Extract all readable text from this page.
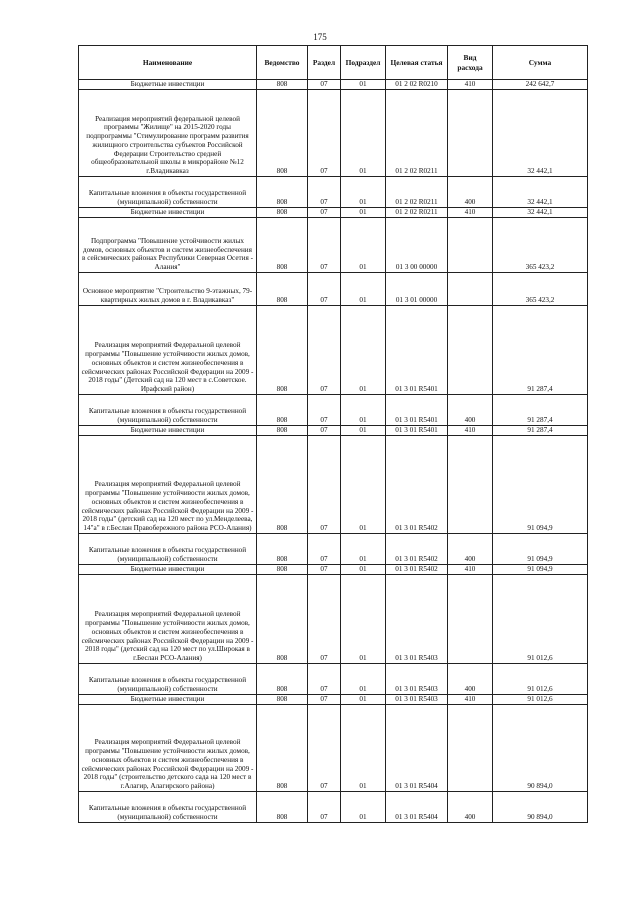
175
Наименование	Ведомство	Раздел	Подраздел	Целевая статья	Вид расхода	Сумма

Бюджетные инвестиции	808	07	01	01 2 02 R0210	410	242 642,7

Реализация мероприятий федеральной целевой программы "Жилище" на 2015-2020 годы подпрограммы "Стимулирование программ развития жилищного строительства субъектов Российской Федерации Строительство средней общеобразовательной школы в микрорайоне №12 г.Владикавказ	808	07	01	01 2 02 R0211		32 442,1

Капитальные вложения в объекты государственной (муниципальной) собственности	808	07	01	01 2 02 R0211	400	32 442,1

Бюджетные инвестиции	808	07	01	01 2 02 R0211	410	32 442,1

Подпрограмма "Повышение устойчивости жилых домов, основных объектов и систем жизнеобеспечения в сейсмических районах Республики Северная Осетия - Алания"	808	07	01	01 3 00 00000		365 423,2

Основное мероприятие "Строительство 9-этажных, 79-квартирных жилых домов в г. Владикавказ"	808	07	01	01 3 01 00000		365 423,2

Реализация мероприятий Федеральной целевой программы "Повышение устойчивости жилых домов, основных объектов и систем жизнеобеспечения в сейсмических районах Российской Федерации на 2009 - 2018 годы" (Детский сад на 120 мест в с.Советское. Ирафский район)	808	07	01	01 3 01 R5401		91 287,4

Капитальные вложения в объекты государственной (муниципальной) собственности	808	07	01	01 3 01 R5401	400	91 287,4

Бюджетные инвестиции	808	07	01	01 3 01 R5401	410	91 287,4

Реализация мероприятий Федеральной целевой программы "Повышение устойчивости жилых домов, основных объектов и систем жизнеобеспечения в сейсмических районах Российской Федерации на 2009 - 2018 годы" (детский сад на 120 мест по ул.Менделеева, 14"а" в г.Беслан Правобережного района РСО-Алания)	808	07	01	01 3 01 R5402		91 094,9

Капитальные вложения в объекты государственной (муниципальной) собственности	808	07	01	01 3 01 R5402	400	91 094,9

Бюджетные инвестиции	808	07	01	01 3 01 R5402	410	91 094,9

Реализация мероприятий Федеральной целевой программы "Повышение устойчивости жилых домов, основных объектов и систем жизнеобеспечения в сейсмических районах Российской Федерации на 2009 - 2018 годы" (детский сад на 120 мест по ул.Широкая в г.Беслан РСО-Алания)	808	07	01	01 3 01 R5403		91 012,6

Капитальные вложения в объекты государственной (муниципальной) собственности	808	07	01	01 3 01 R5403	400	91 012,6

Бюджетные инвестиции	808	07	01	01 3 01 R5403	410	91 012,6

Реализация мероприятий Федеральной целевой программы "Повышение устойчивости жилых домов, основных объектов и систем жизнеобеспечения в сейсмических районах Российской Федерации на 2009 - 2018 годы" (строительство детского сада на 120 мест в г.Алагир, Алагирского района)	808	07	01	01 3 01 R5404		90 894,0

Капитальные вложения в объекты государственной (муниципальной) собственности	808	07	01	01 3 01 R5404	400	90 894,0
